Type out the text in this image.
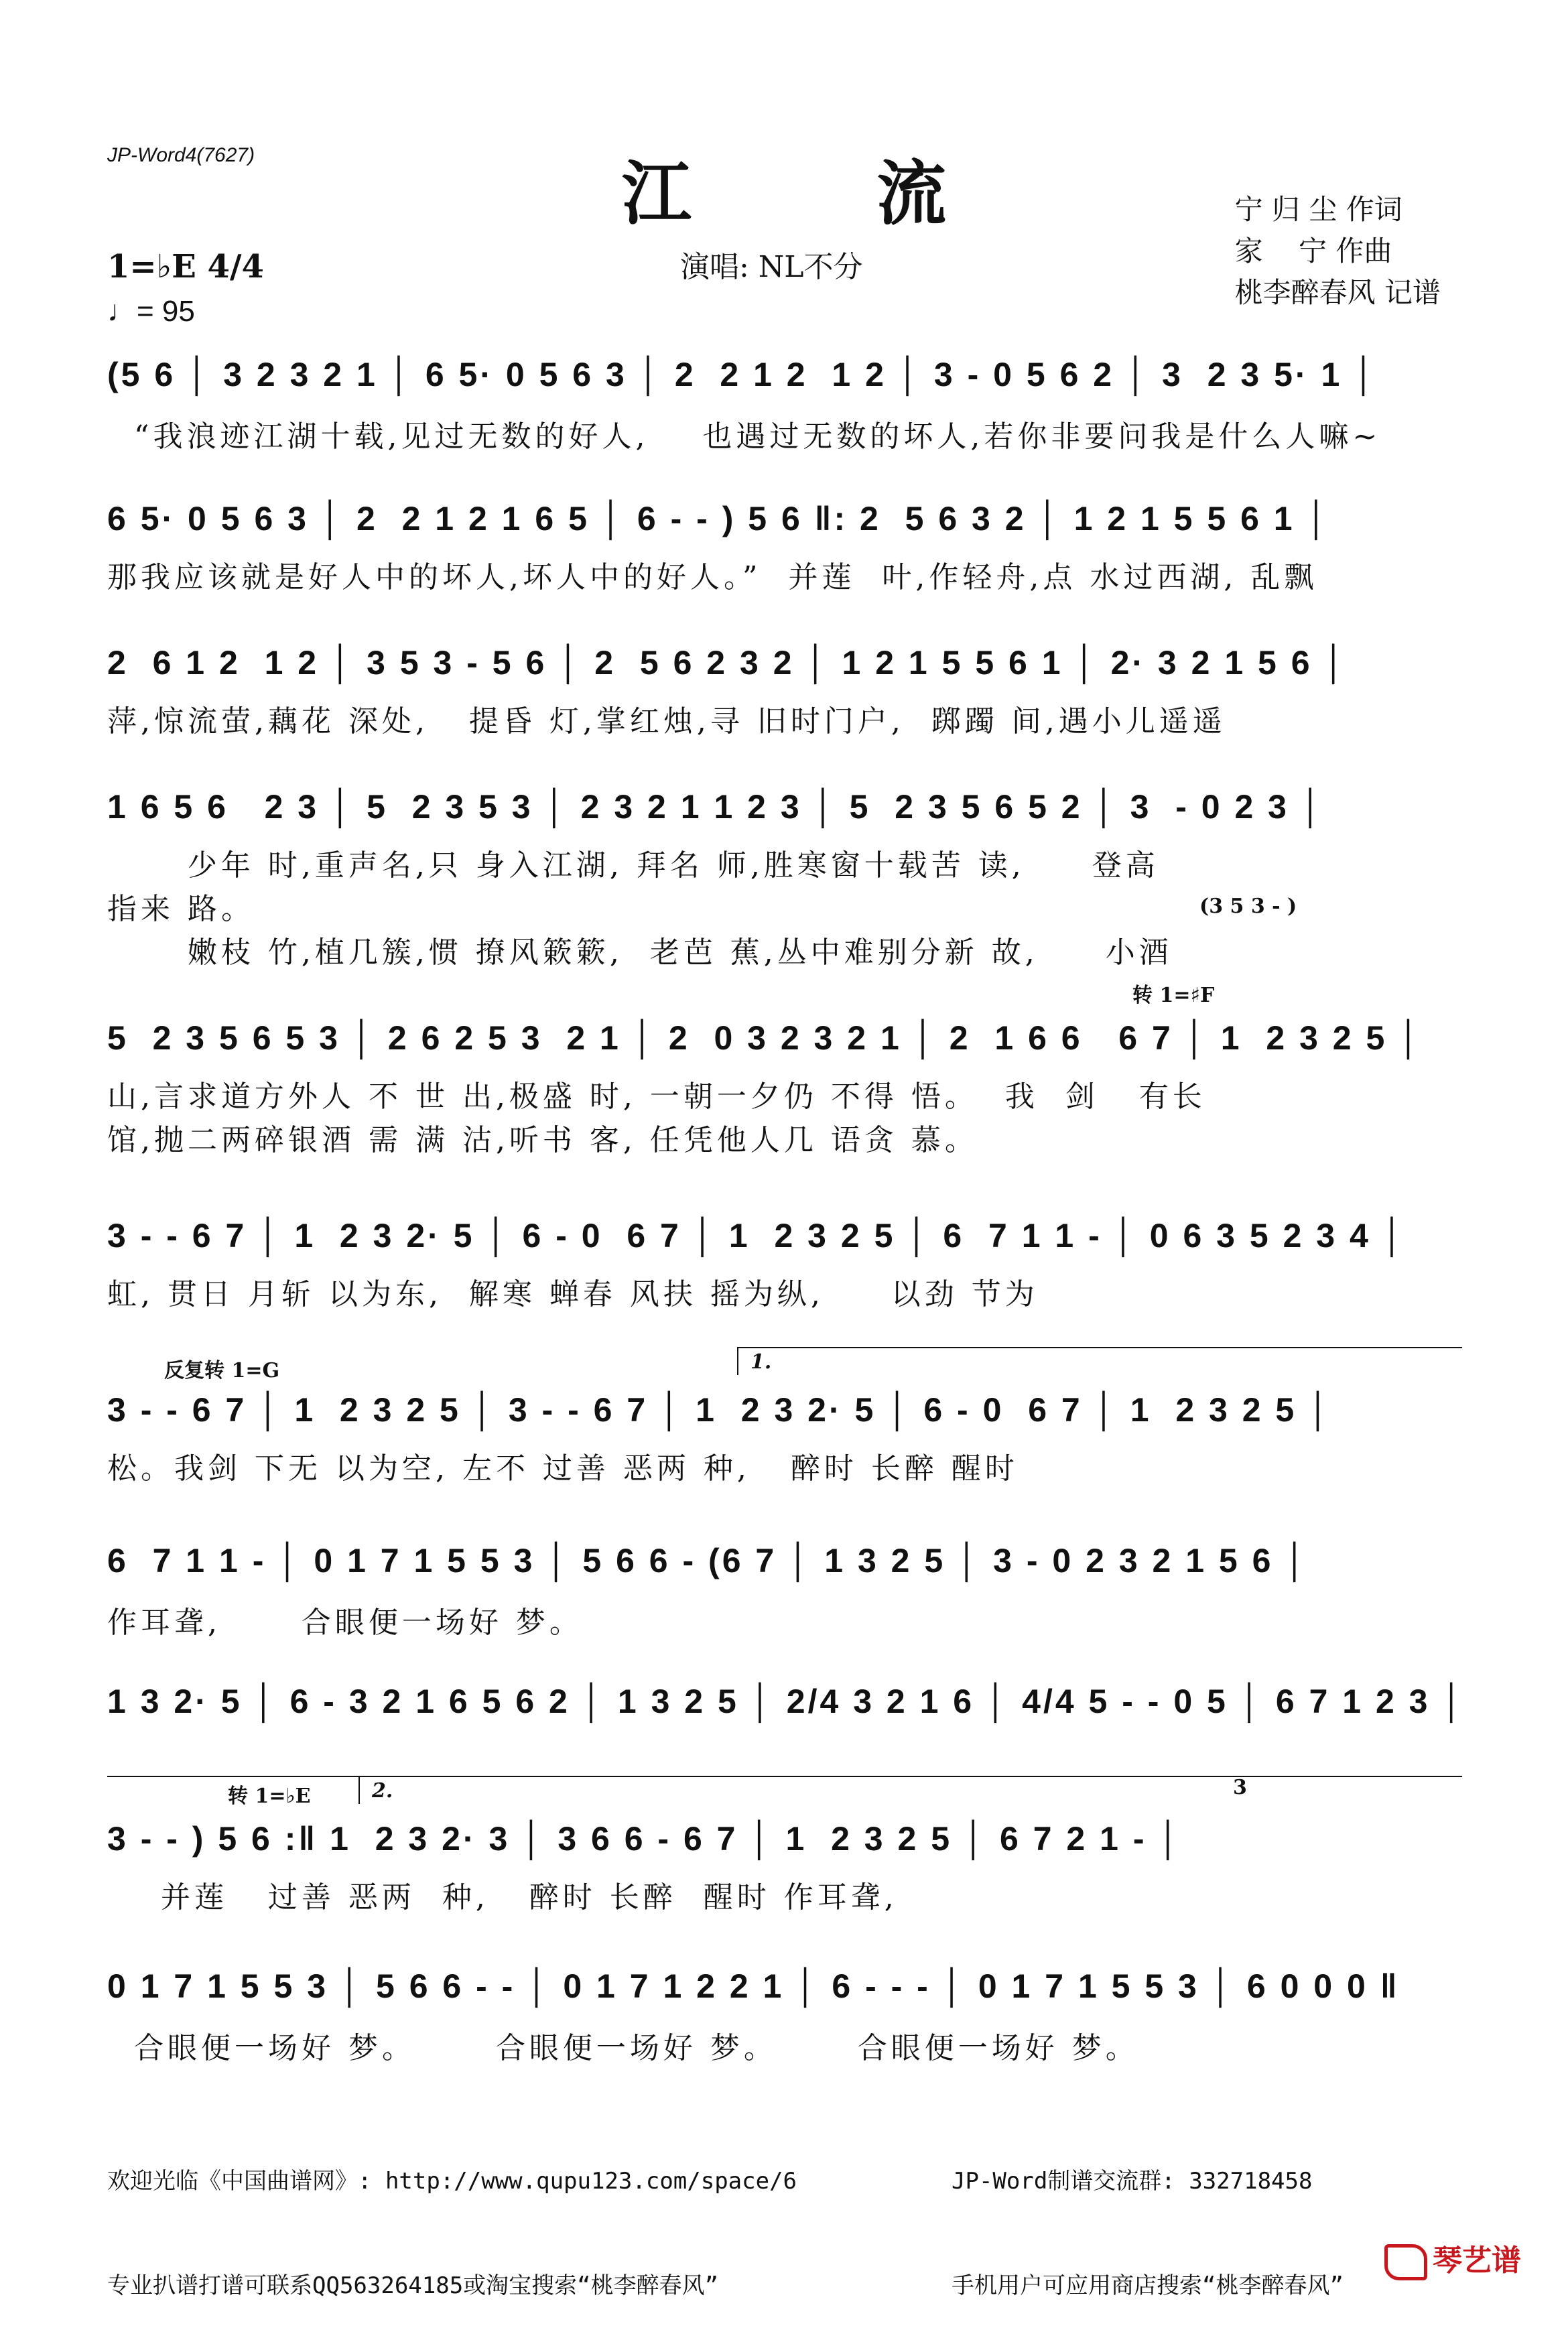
JP-Word4(7627)	江 流
演唱: NL不分
宁 归 尘 作词
家    宁 作曲
桃李醉春风 记谱
1=♭E 4/4
♩= 95
(5 6 │ 3 2 3 2 1 │ 6 5· 0 5 6 3 │ 2  2 1 2  1 2 │ 3 - 0 5 6 2 │ 3  2 3 5· 1 │
“我浪迹江湖十载,见过无数的好人,    也遇过无数的坏人,若你非要问我是什么人嘛~
6 5· 0 5 6 3 │ 2  2 1 2 1 6 5 │ 6 - - ) 5 6 ‖: 2  5 6 3 2 │ 1 2 1 5 5 6 1 │
那我应该就是好人中的坏人,坏人中的好人。”  并莲  叶,作轻舟,点 水过西湖, 乱飘
2  6 1 2  1 2 │ 3 5 3 - 5 6 │ 2  5 6 2 3 2 │ 1 2 1 5 5 6 1 │ 2· 3 2 1 5 6 │
萍,惊流萤,藕花 深处,   提昏 灯,掌红烛,寻 旧时门户,  踯躅 间,遇小儿遥遥
1 6 5 6   2 3 │ 5  2 3 5 3 │ 2 3 2 1 1 2 3 │ 5  2 3 5 6 5 2 │ 3  - 0 2 3 │
少年 时,重声名,只 身入江湖, 拜名 师,胜寒窗十载苦 读,     登高
指来 路。	(3 5 3 - )
嫩枝 竹,植几簇,惯 撩风簌簌,  老芭 蕉,丛中难别分新 故,     小酒
转 1=♯F
5  2 3 5 6 5 3 │ 2 6 2 5 3  2 1 │ 2  0 3 2 3 2 1 │ 2  1 6 6   6 7 │ 1  2 3 2 5 │
山,言求道方外人 不 世 出,极盛 时, 一朝一夕仍 不得 悟。  我  剑   有长
馆,抛二两碎银酒 需 满 沽,听书 客, 任凭他人几 语贪 慕。
3 - - 6 7 │ 1  2 3 2· 5 │ 6 - 0  6 7 │ 1  2 3 2 5 │ 6  7 1 1 - │ 0 6 3 5 2 3 4 │
虹, 贯日 月斩 以为东,  解寒 蝉春 风扶 摇为纵,     以劲 节为
反复转 1=G	1.
3 - - 6 7 │ 1  2 3 2 5 │ 3 - - 6 7 │ 1  2 3 2· 5 │ 6 - 0  6 7 │ 1  2 3 2 5 │
松。我剑 下无 以为空, 左不 过善 恶两 种,   醉时 长醉 醒时
6  7 1 1 - │ 0 1 7 1 5 5 3 │ 5 6 6 - (6 7 │ 1 3 2 5 │ 3 - 0 2 3 2 1 5 6 │
作耳聋,      合眼便一场好 梦。
1 3 2· 5 │ 6 - 3 2 1 6 5 6 2 │ 1 3 2 5 │ 2/4 3 2 1 6 │ 4/4 5 - - 0 5 │ 6 7 1 2 3 │
转 1=♭E	2.	3
3 - - ) 5 6 :‖ 1  2 3 2· 3 │ 3 6 6 - 6 7 │ 1  2 3 2 5 │ 6 7 2 1 - │
并莲   过善 恶两  种,   醉时 长醉  醒时 作耳聋,
0 1 7 1 5 5 3 │ 5 6 6 - - │ 0 1 7 1 2 2 1 │ 6 - - - │ 0 1 7 1 5 5 3 │ 6 0 0 0 ‖
合眼便一场好 梦。      合眼便一场好 梦。      合眼便一场好 梦。

欢迎光临《中国曲谱网》: http://www.qupu123.com/space/6

专业扒谱打谱可联系QQ563264185或淘宝搜索“桃李醉春风”

JP-Word制谱交流群: 332718458

手机用户可应用商店搜索“桃李醉春风”

琴艺谱
